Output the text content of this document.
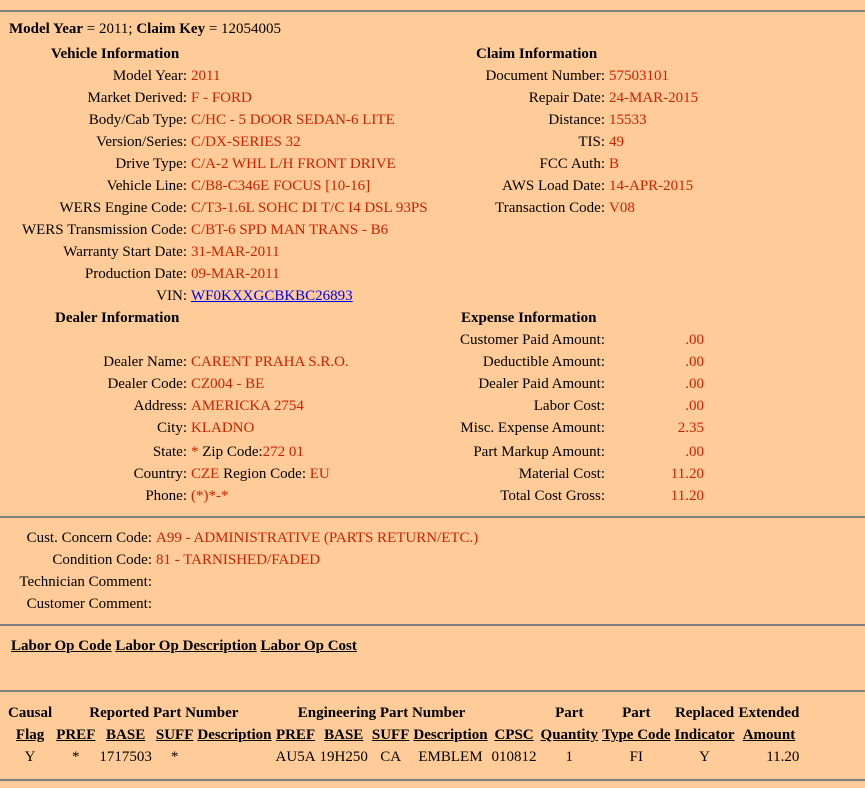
Model Year = 2011; Claim Key = 12054005
Vehicle Information	Claim Information
Model Year: 2011
Market Derived: F - FORD
Body/Cab Type: C/HC - 5 DOOR SEDAN-6 LITE
Version/Series: C/DX-SERIES 32
Drive Type: C/A-2 WHL L/H FRONT DRIVE
Vehicle Line: C/B8-C346E FOCUS [10-16]
WERS Engine Code: C/T3-1.6L SOHC DI T/C I4 DSL 93PS
WERS Transmission Code: C/BT-6 SPD MAN TRANS - B6
Warranty Start Date: 31-MAR-2011
Production Date: 09-MAR-2011
VIN: WF0KXXGCBKBC26893
Document Number: 57503101
Repair Date: 24-MAR-2015
Distance: 15533
TIS: 49
FCC Auth: B
AWS Load Date: 14-APR-2015
Transaction Code: V08
Dealer Information	Expense Information
Dealer Name: CARENT PRAHA S.R.O.
Dealer Code: CZ004 - BE
Address: AMERICKA 2754
City: KLADNO
State: * Zip Code:272 01
Country: CZE Region Code: EU
Phone: (*)*-*
Customer Paid Amount:	.00
Deductible Amount:	.00
Dealer Paid Amount:	.00
Labor Cost:	.00
Misc. Expense Amount:	2.35
Part Markup Amount:	.00
Material Cost:	11.20
Total Cost Gross:	11.20
Cust. Concern Code: A99 - ADMINISTRATIVE (PARTS RETURN/ETC.)
Condition Code: 81 - TARNISHED/FADED
Technician Comment:
Customer Comment:
Labor Op Code Labor Op Description Labor Op Cost
Causal	Reported Part Number				Engineering Part Number					Part	Part	Replaced	Extended
Flag	PREF	BASE	SUFF	Description	PREF	BASE	SUFF	Description	CPSC	Quantity	Type Code	Indicator	Amount
Y	*	1717503	*		AU5A	19H250	CA	EMBLEM	010812	1	FI	Y	11.20
